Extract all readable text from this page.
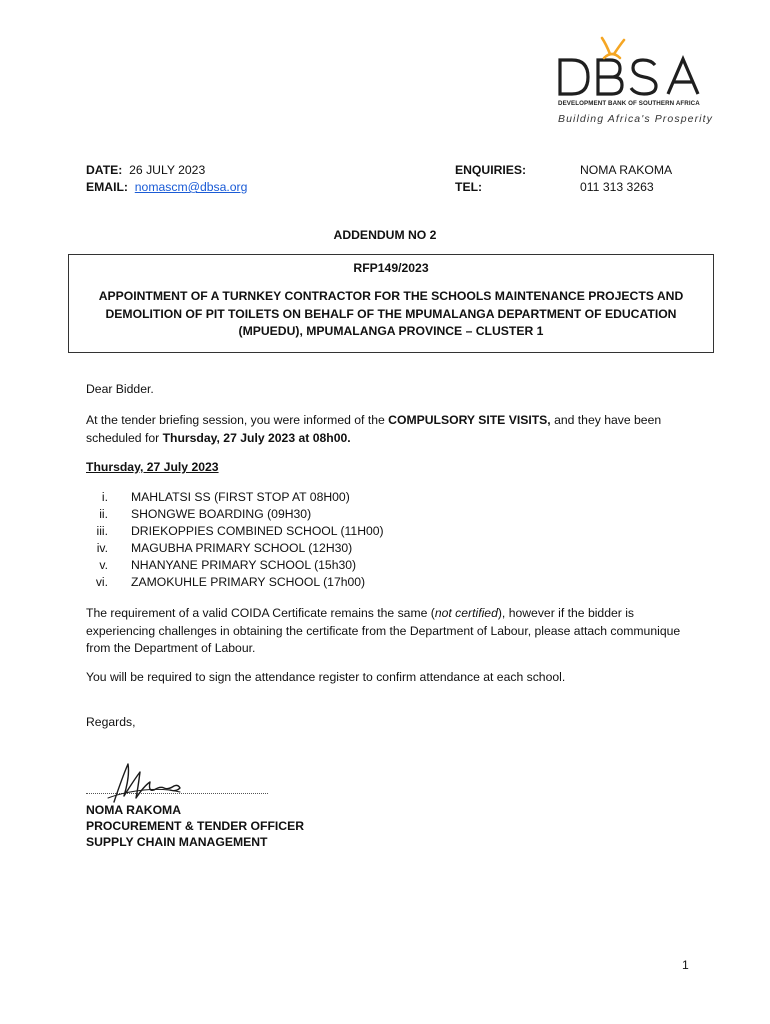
DEVELOPMENT BANK OF SOUTHERN AFRICA
Building Africa's Prosperity
DATE: 26 JULY 2023
EMAIL: nomascm@dbsa.org
ENQUIRIES:
TEL:
NOMA RAKOMA
011 313 3263
ADDENDUM NO 2
RFP149/2023
APPOINTMENT OF A TURNKEY CONTRACTOR FOR THE SCHOOLS MAINTENANCE PROJECTS AND DEMOLITION OF PIT TOILETS ON BEHALF OF THE MPUMALANGA DEPARTMENT OF EDUCATION (MPUEDU), MPUMALANGA PROVINCE – CLUSTER 1
Dear Bidder.
At the tender briefing session, you were informed of the COMPULSORY SITE VISITS, and they have been scheduled for Thursday, 27 July 2023 at 08h00.
Thursday, 27 July 2023
i. MAHLATSI SS (FIRST STOP AT 08H00)
ii. SHONGWE BOARDING (09H30)
iii. DRIEKOPPIES COMBINED SCHOOL (11H00)
iv. MAGUBHA PRIMARY SCHOOL (12H30)
v. NHANYANE PRIMARY SCHOOL (15h30)
vi. ZAMOKUHLE PRIMARY SCHOOL (17h00)
The requirement of a valid COIDA Certificate remains the same (not certified), however if the bidder is experiencing challenges in obtaining the certificate from the Department of Labour, please attach communique from the Department of Labour.
You will be required to sign the attendance register to confirm attendance at each school.
Regards,
NOMA RAKOMA
PROCUREMENT & TENDER OFFICER
SUPPLY CHAIN MANAGEMENT
1
